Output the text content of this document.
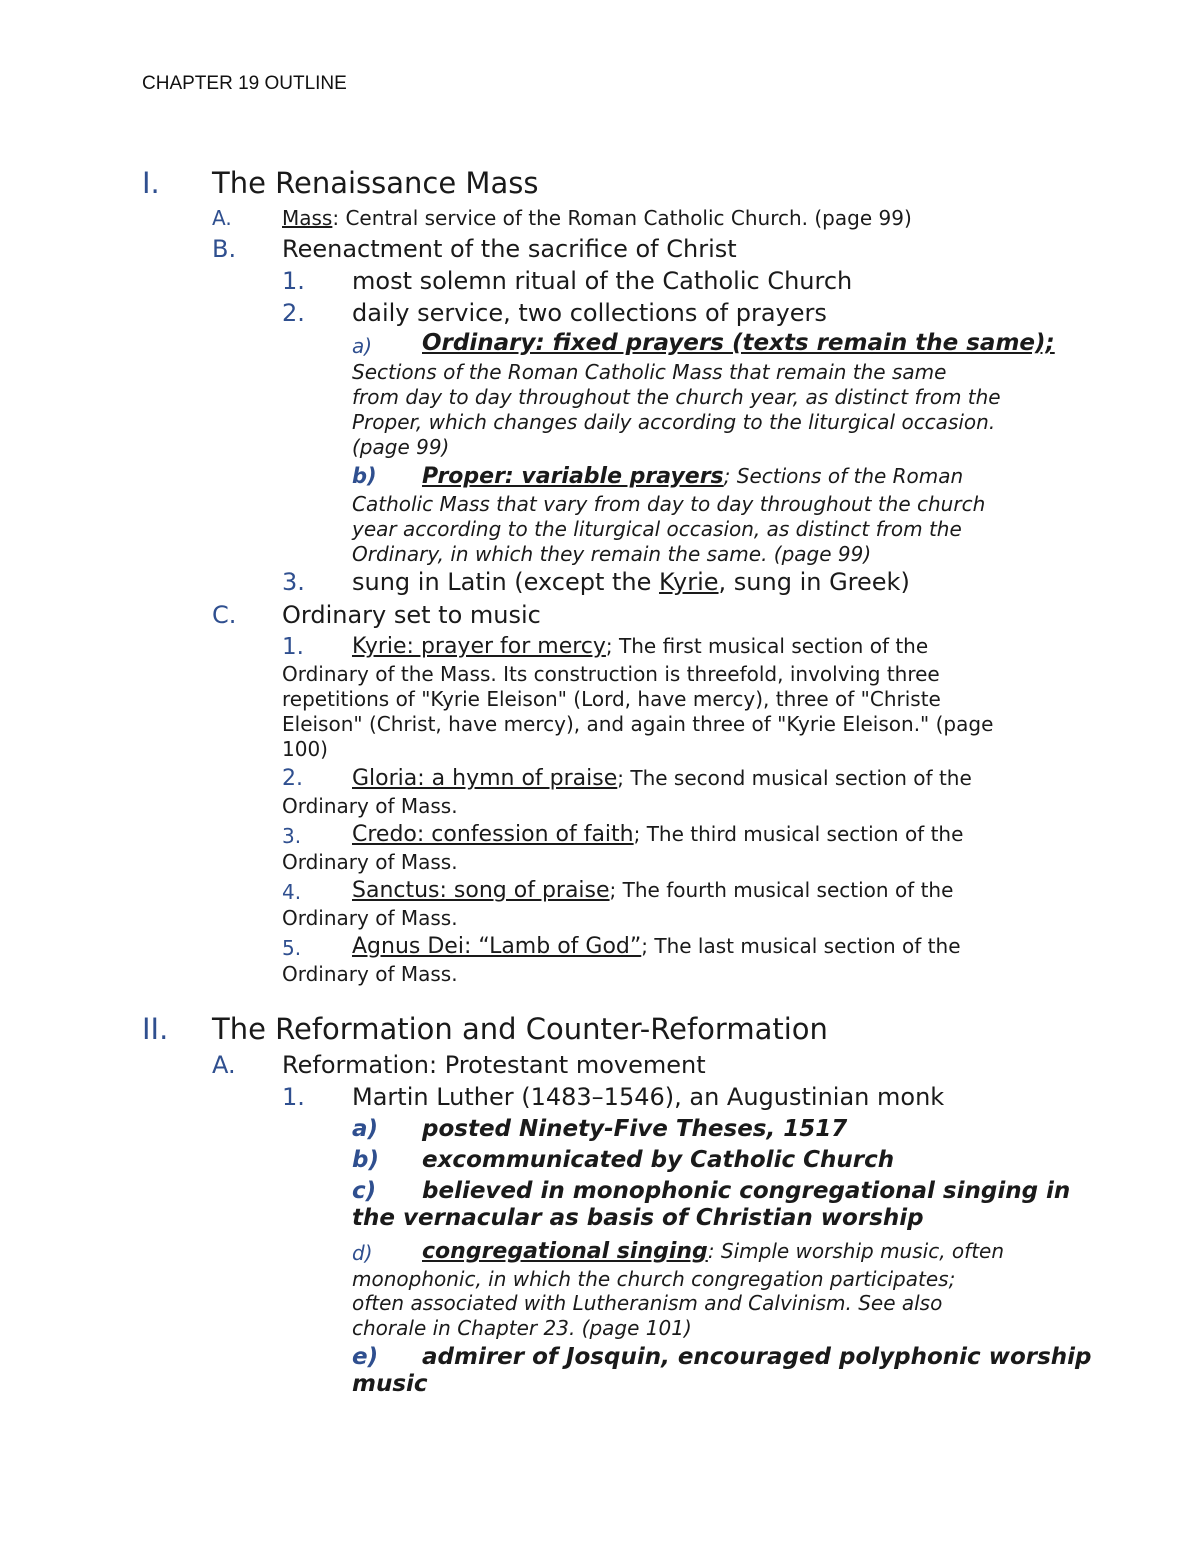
CHAPTER 19 OUTLINE
I. The Renaissance Mass
A.	Mass: Central service of the Roman Catholic Church. (page 99)
B. Reenactment of the sacrifice of Christ
1. most solemn ritual of the Catholic Church
2. daily service, two collections of prayers
a) Ordinary: fixed prayers (texts remain the same);
Sections of the Roman Catholic Mass that remain the same
from day to day throughout the church year, as distinct from the
Proper, which changes daily according to the liturgical occasion.
(page 99)
b) Proper: variable prayers; Sections of the Roman
Catholic Mass that vary from day to day throughout the church
year according to the liturgical occasion, as distinct from the
Ordinary, in which they remain the same. (page 99)
3. sung in Latin (except the Kyrie, sung in Greek)
C. Ordinary set to music
1. Kyrie: prayer for mercy; The first musical section of the
Ordinary of the Mass. Its construction is threefold, involving three
repetitions of "Kyrie Eleison" (Lord, have mercy), three of "Christe
Eleison" (Christ, have mercy), and again three of "Kyrie Eleison." (page
100)
2. Gloria: a hymn of praise; The second musical section of the
Ordinary of Mass.
3. Credo: confession of faith; The third musical section of the
Ordinary of Mass.
4. Sanctus: song of praise; The fourth musical section of the
Ordinary of Mass.
5. Agnus Dei: “Lamb of God”; The last musical section of the
Ordinary of Mass.
II. The Reformation and Counter-Reformation
A. Reformation: Protestant movement
1. Martin Luther (1483–1546), an Augustinian monk
a) posted Ninety-Five Theses, 1517
b) excommunicated by Catholic Church
c) believed in monophonic congregational singing in
the vernacular as basis of Christian worship
d) congregational singing: Simple worship music, often
monophonic, in which the church congregation participates;
often associated with Lutheranism and Calvinism. See also
chorale in Chapter 23. (page 101)
e) admirer of Josquin, encouraged polyphonic worship
music
